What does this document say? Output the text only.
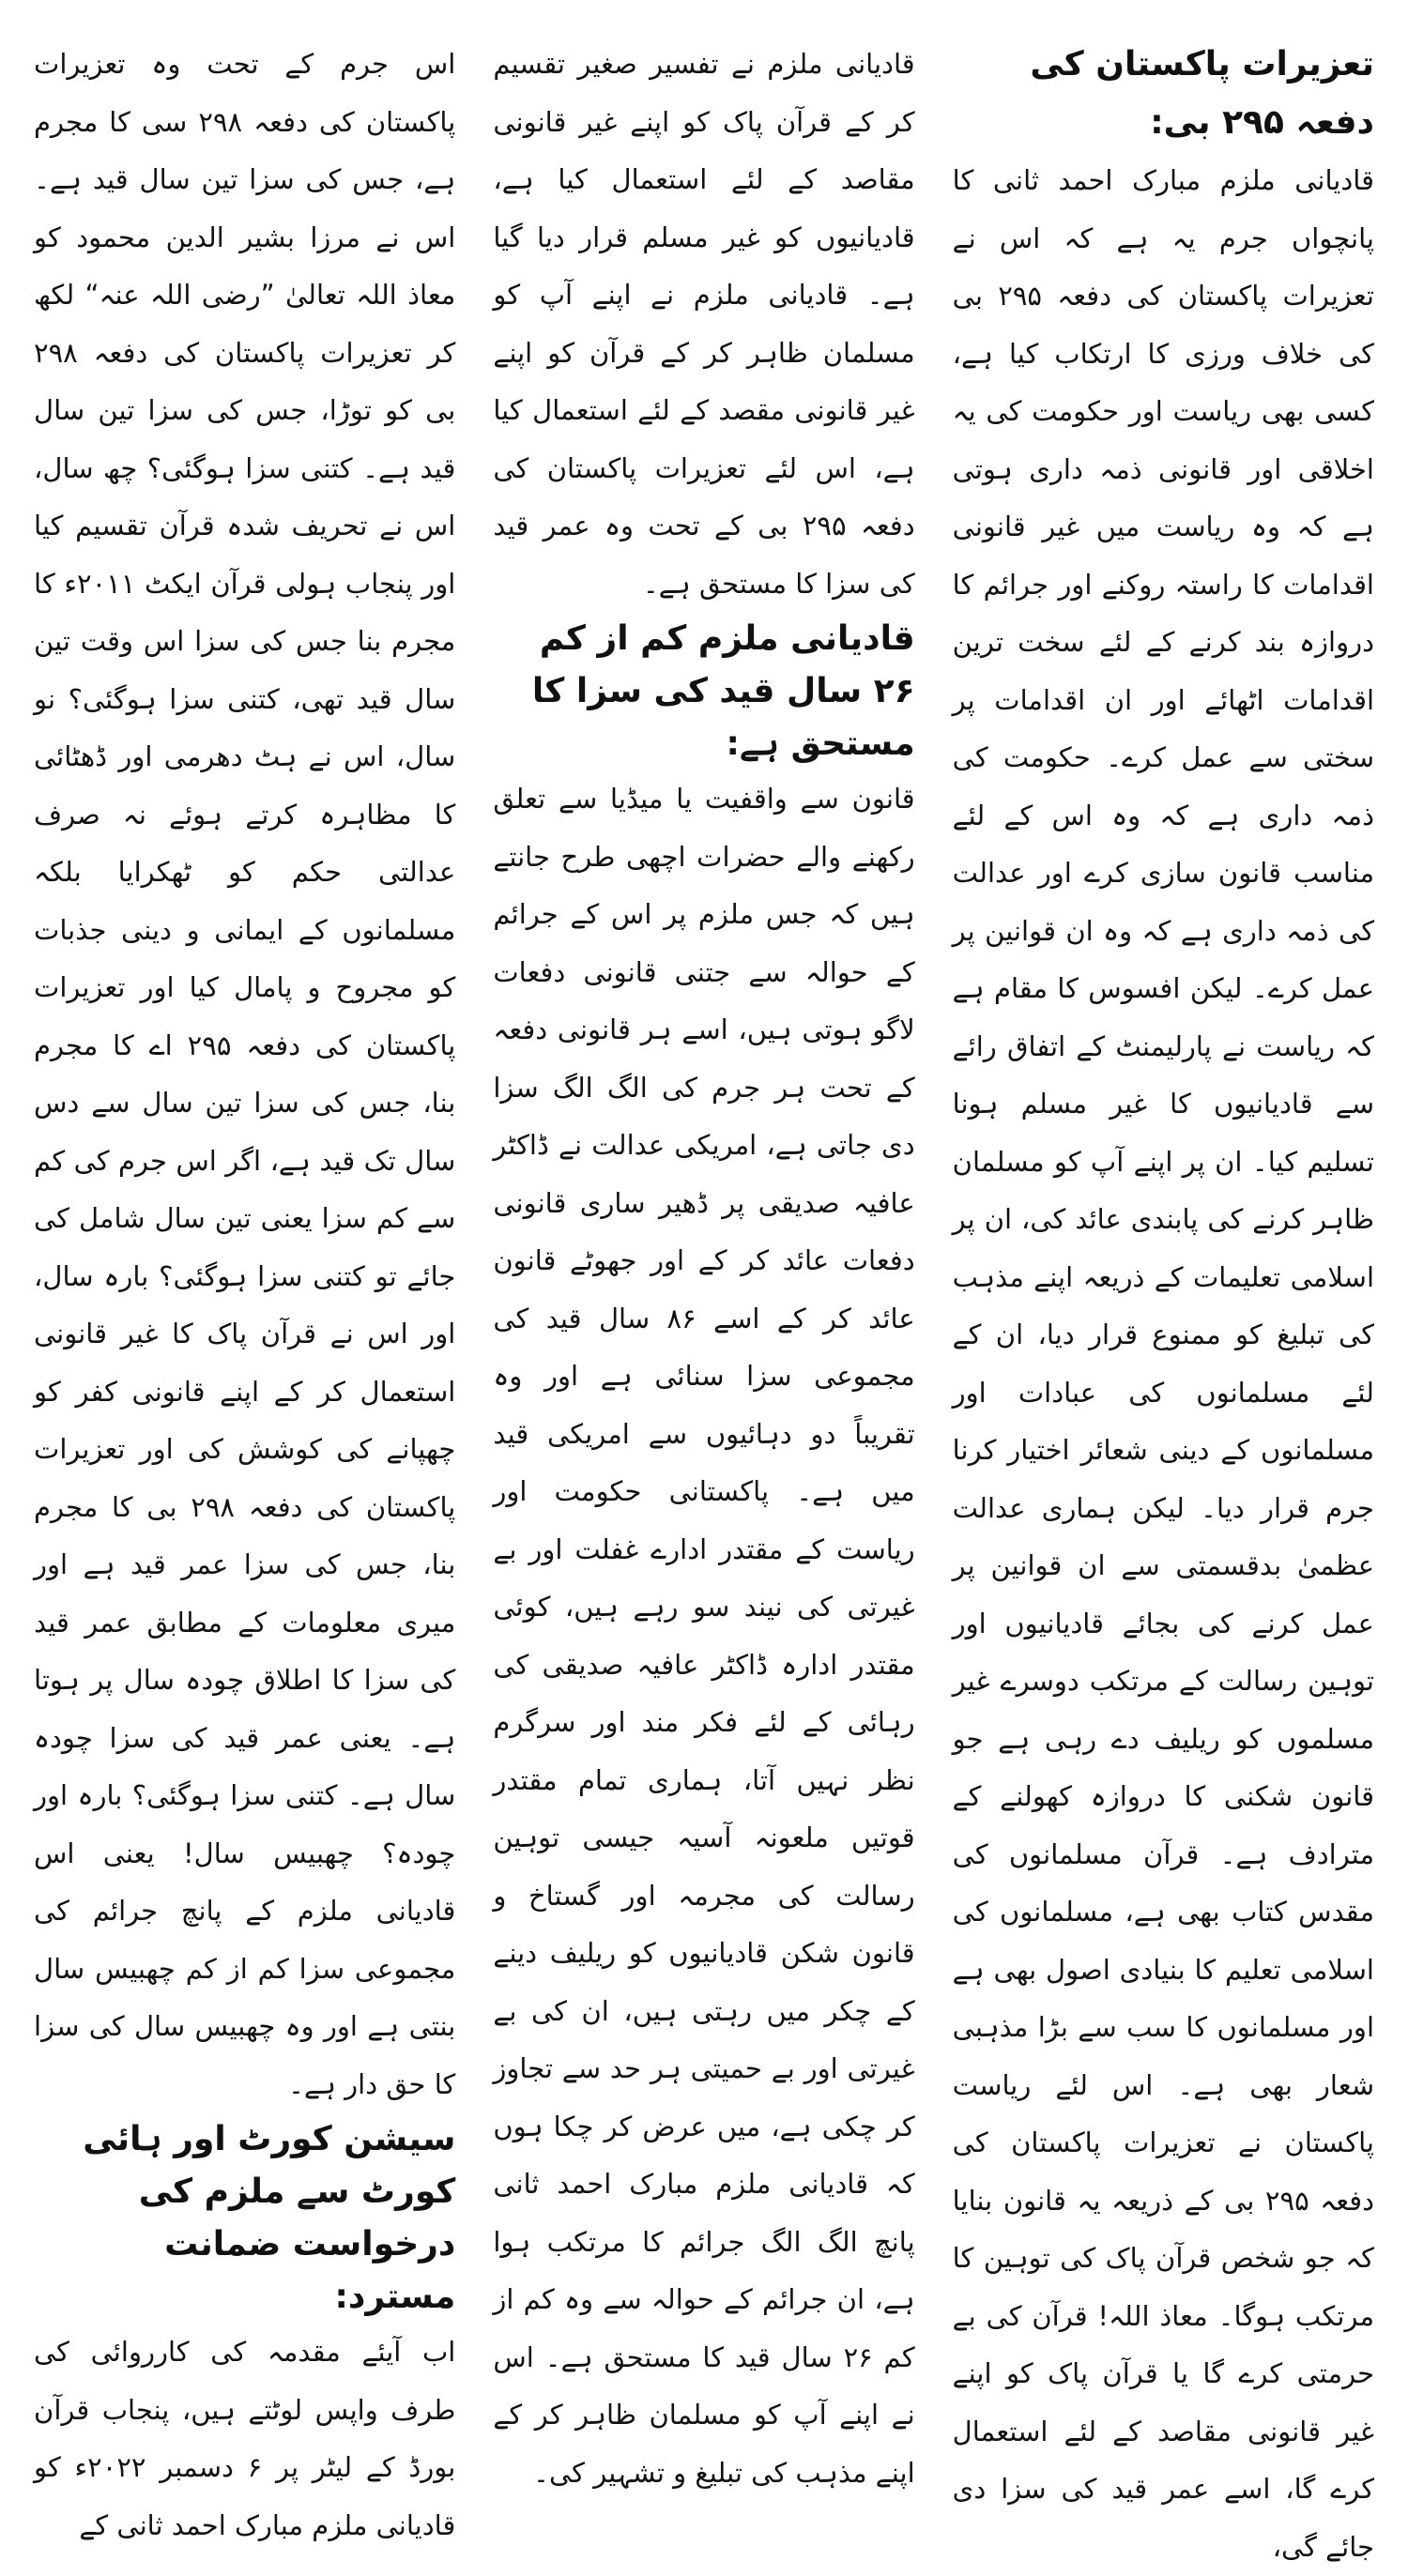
تعزیرات پاکستان کی دفعہ ۲۹۵ بی:

قادیانی ملزم مبارک احمد ثانی کا پانچواں جرم یہ ہے کہ اس نے تعزیرات پاکستان کی دفعہ ۲۹۵ بی کی خلاف ورزی کا ارتکاب کیا ہے، کسی بھی ریاست اور حکومت کی یہ اخلاقی اور قانونی ذمہ داری ہوتی ہے کہ وہ ریاست میں غیر قانونی اقدامات کا راستہ روکنے اور جرائم کا دروازہ بند کرنے کے لئے سخت ترین اقدامات اٹھائے اور ان اقدامات پر سختی سے عمل کرے۔ حکومت کی ذمہ داری ہے کہ وہ اس کے لئے مناسب قانون سازی کرے اور عدالت کی ذمہ داری ہے کہ وہ ان قوانین پر عمل کرے۔ لیکن افسوس کا مقام ہے کہ ریاست نے پارلیمنٹ کے اتفاق رائے سے قادیانیوں کا غیر مسلم ہونا تسلیم کیا۔ ان پر اپنے آپ کو مسلمان ظاہر کرنے کی پابندی عائد کی، ان پر اسلامی تعلیمات کے ذریعہ اپنے مذہب کی تبلیغ کو ممنوع قرار دیا، ان کے لئے مسلمانوں کی عبادات اور مسلمانوں کے دینی شعائر اختیار کرنا جرم قرار دیا۔ لیکن ہماری عدالت عظمیٰ بدقسمتی سے ان قوانین پر عمل کرنے کی بجائے قادیانیوں اور توہین رسالت کے مرتکب دوسرے غیر مسلموں کو ریلیف دے رہی ہے جو قانون شکنی کا دروازہ کھولنے کے مترادف ہے۔ قرآن مسلمانوں کی مقدس کتاب بھی ہے، مسلمانوں کی اسلامی تعلیم کا بنیادی اصول بھی ہے اور مسلمانوں کا سب سے بڑا مذہبی شعار بھی ہے۔ اس لئے ریاست پاکستان نے تعزیرات پاکستان کی دفعہ ۲۹۵ بی کے ذریعہ یہ قانون بنایا کہ جو شخص قرآن پاک کی توہین کا مرتکب ہوگا۔ معاذ اللہ! قرآن کی بے حرمتی کرے گا یا قرآن پاک کو اپنے غیر قانونی مقاصد کے لئے استعمال کرے گا، اسے عمر قید کی سزا دی جائے گی،

قادیانی ملزم نے تفسیر صغیر تقسیم کر کے قرآن پاک کو اپنے غیر قانونی مقاصد کے لئے استعمال کیا ہے، قادیانیوں کو غیر مسلم قرار دیا گیا ہے۔ قادیانی ملزم نے اپنے آپ کو مسلمان ظاہر کر کے قرآن کو اپنے غیر قانونی مقصد کے لئے استعمال کیا ہے، اس لئے تعزیرات پاکستان کی دفعہ ۲۹۵ بی کے تحت وہ عمر قید کی سزا کا مستحق ہے۔

قادیانی ملزم کم از کم ۲۶ سال قید کی سزا کا مستحق ہے:

قانون سے واقفیت یا میڈیا سے تعلق رکھنے والے حضرات اچھی طرح جانتے ہیں کہ جس ملزم پر اس کے جرائم کے حوالہ سے جتنی قانونی دفعات لاگو ہوتی ہیں، اسے ہر قانونی دفعہ کے تحت ہر جرم کی الگ الگ سزا دی جاتی ہے، امریکی عدالت نے ڈاکٹر عافیہ صدیقی پر ڈھیر ساری قانونی دفعات عائد کر کے اور جھوٹے قانون عائد کر کے اسے ۸۶ سال قید کی مجموعی سزا سنائی ہے اور وہ تقریباً دو دہائیوں سے امریکی قید میں ہے۔ پاکستانی حکومت اور ریاست کے مقتدر ادارے غفلت اور بے غیرتی کی نیند سو رہے ہیں، کوئی مقتدر ادارہ ڈاکٹر عافیہ صدیقی کی رہائی کے لئے فکر مند اور سرگرم نظر نہیں آتا، ہماری تمام مقتدر قوتیں ملعونہ آسیہ جیسی توہین رسالت کی مجرمہ اور گستاخ و قانون شکن قادیانیوں کو ریلیف دینے کے چکر میں رہتی ہیں، ان کی بے غیرتی اور بے حمیتی ہر حد سے تجاوز کر چکی ہے، میں عرض کر چکا ہوں کہ قادیانی ملزم مبارک احمد ثانی پانچ الگ الگ جرائم کا مرتکب ہوا ہے، ان جرائم کے حوالہ سے وہ کم از کم ۲۶ سال قید کا مستحق ہے۔ اس نے اپنے آپ کو مسلمان ظاہر کر کے اپنے مذہب کی تبلیغ و تشہیر کی۔

اس جرم کے تحت وہ تعزیرات پاکستان کی دفعہ ۲۹۸ سی کا مجرم ہے، جس کی سزا تین سال قید ہے۔ اس نے مرزا بشیر الدین محمود کو معاذ اللہ تعالیٰ ”رضی اللہ عنہ“ لکھ کر تعزیرات پاکستان کی دفعہ ۲۹۸ بی کو توڑا، جس کی سزا تین سال قید ہے۔ کتنی سزا ہوگئی؟ چھ سال، اس نے تحریف شدہ قرآن تقسیم کیا اور پنجاب ہولی قرآن ایکٹ ۲۰۱۱ء کا مجرم بنا جس کی سزا اس وقت تین سال قید تھی، کتنی سزا ہوگئی؟ نو سال، اس نے ہٹ دھرمی اور ڈھٹائی کا مظاہرہ کرتے ہوئے نہ صرف عدالتی حکم کو ٹھکرایا بلکہ مسلمانوں کے ایمانی و دینی جذبات کو مجروح و پامال کیا اور تعزیرات پاکستان کی دفعہ ۲۹۵ اے کا مجرم بنا، جس کی سزا تین سال سے دس سال تک قید ہے، اگر اس جرم کی کم سے کم سزا یعنی تین سال شامل کی جائے تو کتنی سزا ہوگئی؟ بارہ سال، اور اس نے قرآن پاک کا غیر قانونی استعمال کر کے اپنے قانونی کفر کو چھپانے کی کوشش کی اور تعزیرات پاکستان کی دفعہ ۲۹۸ بی کا مجرم بنا، جس کی سزا عمر قید ہے اور میری معلومات کے مطابق عمر قید کی سزا کا اطلاق چودہ سال پر ہوتا ہے۔ یعنی عمر قید کی سزا چودہ سال ہے۔ کتنی سزا ہوگئی؟ بارہ اور چودہ؟ چھبیس سال! یعنی اس قادیانی ملزم کے پانچ جرائم کی مجموعی سزا کم از کم چھبیس سال بنتی ہے اور وہ چھبیس سال کی سزا کا حق دار ہے۔

سیشن کورٹ اور ہائی کورٹ سے ملزم کی درخواست ضمانت مسترد:

اب آیئے مقدمہ کی کارروائی کی طرف واپس لوٹتے ہیں، پنجاب قرآن بورڈ کے لیٹر پر ۶ دسمبر ۲۰۲۲ء کو قادیانی ملزم مبارک احمد ثانی کے
